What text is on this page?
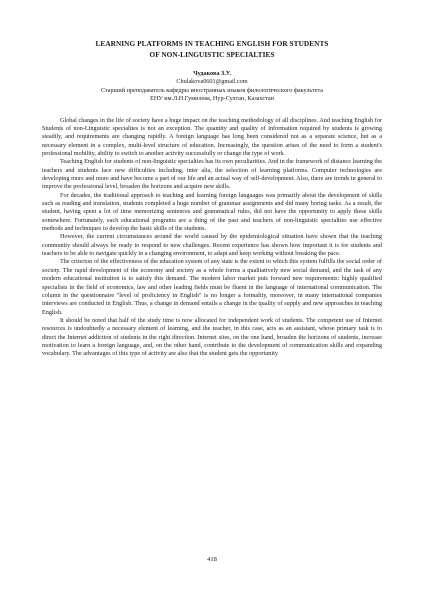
LEARNING PLATFORMS IN TEACHING ENGLISH FOR STUDENTS
OF NON-LINGUISTIC SPECIALTIES
Чудакова З.У.
Chulakova0601@gmail.com
Старший преподаватель кафедры иностранных языков филологического факультета
ЕНУ им.Л.Н.Гумилева, Нур-Султан, Казахстан

Global changes in the life of society have a huge impact on the teaching methodology of all disciplines. And teaching English for Students of non-Linguistic specialties is not an exception. The quantity and quality of information required by students is growing steadily, and requirements are changing rapidly. A foreign language has long been considered not as a separate science, but as a necessary element in a complex, multi-level structure of education. Increasingly, the question arises of the need to form a student's professional mobility, ability to switch to another activity successfully or change the type of work.

Teaching English for students of non-linguistic specialties has its own peculiarities. And in the framework of distance learning the teachers and students face new difficulties including, inter alia, the selection of learning platforms. Computer technologies are developing more and more and have become a part of our life and an actual way of self-development. Also, there are trends in general to improve the professional level, broaden the horizons and acquire new skills.

For decades, the traditional approach to teaching and learning foreign languages was primarily about the development of skills such as reading and translation, students completed a huge number of grammar assignments and did many boring tasks. As a result, the student, having spent a lot of time memorizing sentences and grammatical rules, did not have the opportunity to apply these skills somewhere. Fortunately, each educational programs are a thing of the past and teachers of non-linguistic specialties use effective methods and techniques to develop the basic skills of the students.

However, the current circumstances around the world caused by the epidemiological situation have shown that the teaching community should always be ready to respond to new challenges. Recent experience has shown how important it is for students and teachers to be able to navigate quickly in a changing environment, to adapt and keep working without breaking the pace.

The criterion of the effectiveness of the education system of any state is the extent to which this system fulfills the social order of society. The rapid development of the economy and society as a whole forms a qualitatively new social demand, and the task of any modern educational institution is to satisfy this demand. The modern labor market puts forward new requirements: highly qualified specialists in the field of economics, law and other leading fields must be fluent in the language of international communication. The column in the questionnaire "level of proficiency in English" is no longer a formality, moreover, in many international companies interviews are conducted in English. Thus, a change in demand entails a change in the quality of supply and new approaches in teaching English.

It should be noted that half of the study time is now allocated for independent work of students. The competent use of Internet resources is undoubtedly a necessary element of learning, and the teacher, in this case, acts as an assistant, whose primary task is to direct the Internet addiction of students in the right direction. Internet sites, on the one hand, broaden the horizons of students, increase motivation to learn a foreign language, and, on the other hand, contribute to the development of communication skills and expanding vocabulary. The advantages of this type of activity are also that the student gets the opportunity

418
